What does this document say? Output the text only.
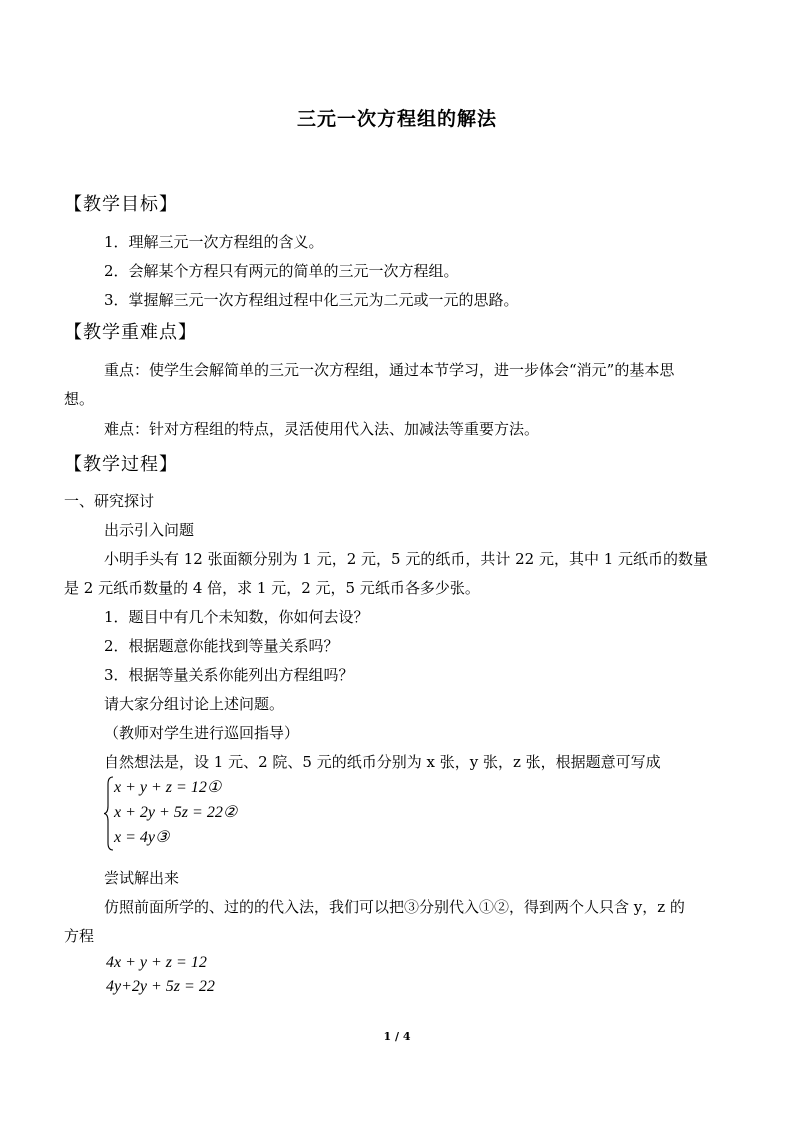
三元一次方程组的解法
【教学目标】
1．理解三元一次方程组的含义。
2．会解某个方程只有两元的简单的三元一次方程组。
3．掌握解三元一次方程组过程中化三元为二元或一元的思路。
【教学重难点】
重点：使学生会解简单的三元一次方程组，通过本节学习，进一步体会“消元”的基本思
想。
难点：针对方程组的特点，灵活使用代入法、加减法等重要方法。
【教学过程】
一、研究探讨
出示引入问题
小明手头有 12 张面额分别为 1 元，2 元，5 元的纸币，共计 22 元，其中 1 元纸币的数量
是 2 元纸币数量的 4 倍，求 1 元，2 元，5 元纸币各多少张。
1．题目中有几个未知数，你如何去设？
2．根据题意你能找到等量关系吗？
3．根据等量关系你能列出方程组吗？
请大家分组讨论上述问题。
（教师对学生进行巡回指导）
自然想法是，设 1 元、2 院、5 元的纸币分别为 x 张，y 张，z 张，根据题意可写成
x + y + z = 12①
x + 2y + 5z = 22②
x = 4y③
尝试解出来
仿照前面所学的、过的的代入法，我们可以把③分别代入①②，得到两个人只含 y，z 的
方程
4x + y + z = 12
4y+2y + 5z = 22
1 / 4
